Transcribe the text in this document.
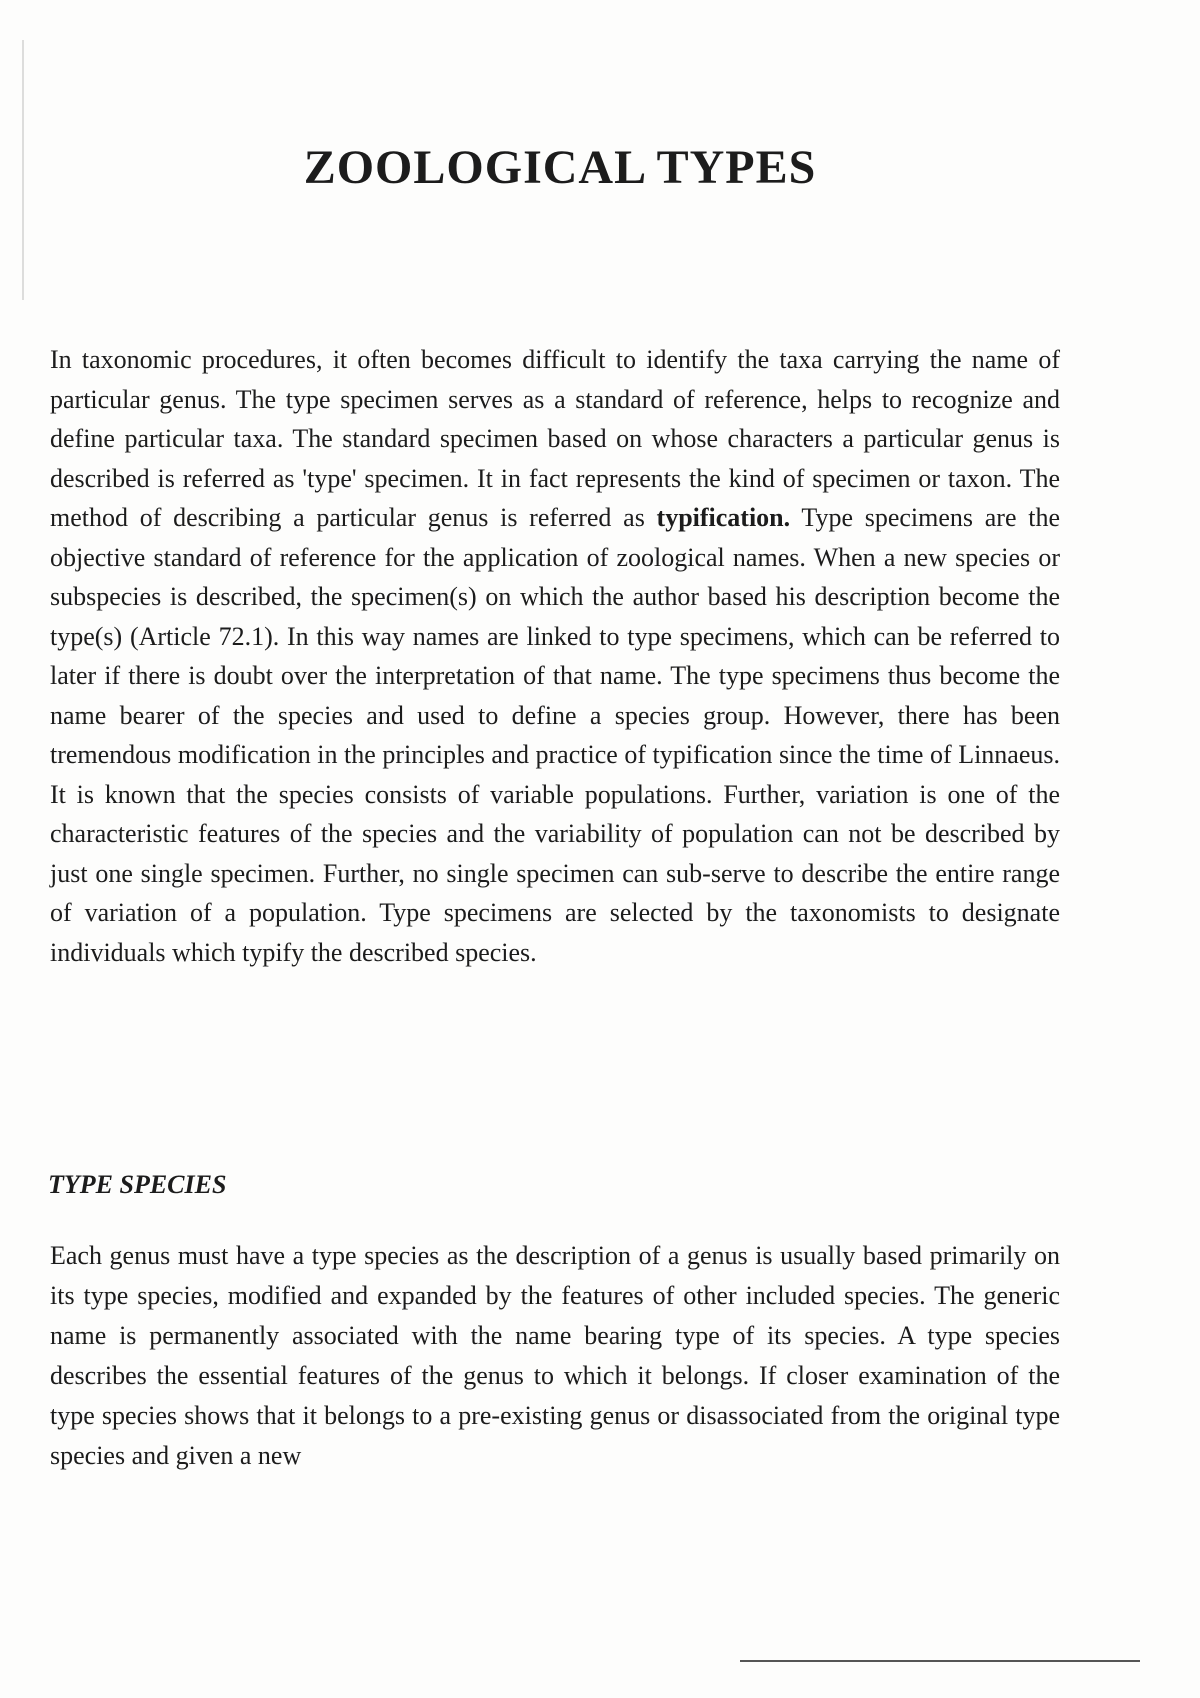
ZOOLOGICAL TYPES

In taxonomic procedures, it often becomes difficult to identify the taxa carrying the name of particular genus. The type specimen serves as a standard of reference, helps to recognize and define particular taxa. The standard specimen based on whose characters a particular genus is described is referred as 'type' specimen. It in fact represents the kind of specimen or taxon. The method of describing a particular genus is referred as typification. Type specimens are the objective standard of reference for the application of zoological names. When a new species or subspecies is described, the specimen(s) on which the author based his description become the type(s) (Article 72.1). In this way names are linked to type specimens, which can be referred to later if there is doubt over the interpretation of that name. The type specimens thus become the name bearer of the species and used to define a species group. However, there has been tremendous modification in the principles and practice of typification since the time of Linnaeus. It is known that the species consists of variable populations. Further, variation is one of the characteristic features of the species and the variability of population can not be described by just one single specimen. Further, no single specimen can sub-serve to describe the entire range of variation of a population. Type specimens are selected by the taxonomists to designate individuals which typify the described species.

TYPE SPECIES

Each genus must have a type species as the description of a genus is usually based primarily on its type species, modified and expanded by the features of other included species. The generic name is permanently associated with the name bearing type of its species. A type species describes the essential features of the genus to which it belongs. If closer examination of the type species shows that it belongs to a pre-existing genus or disassociated from the original type species and given a new
